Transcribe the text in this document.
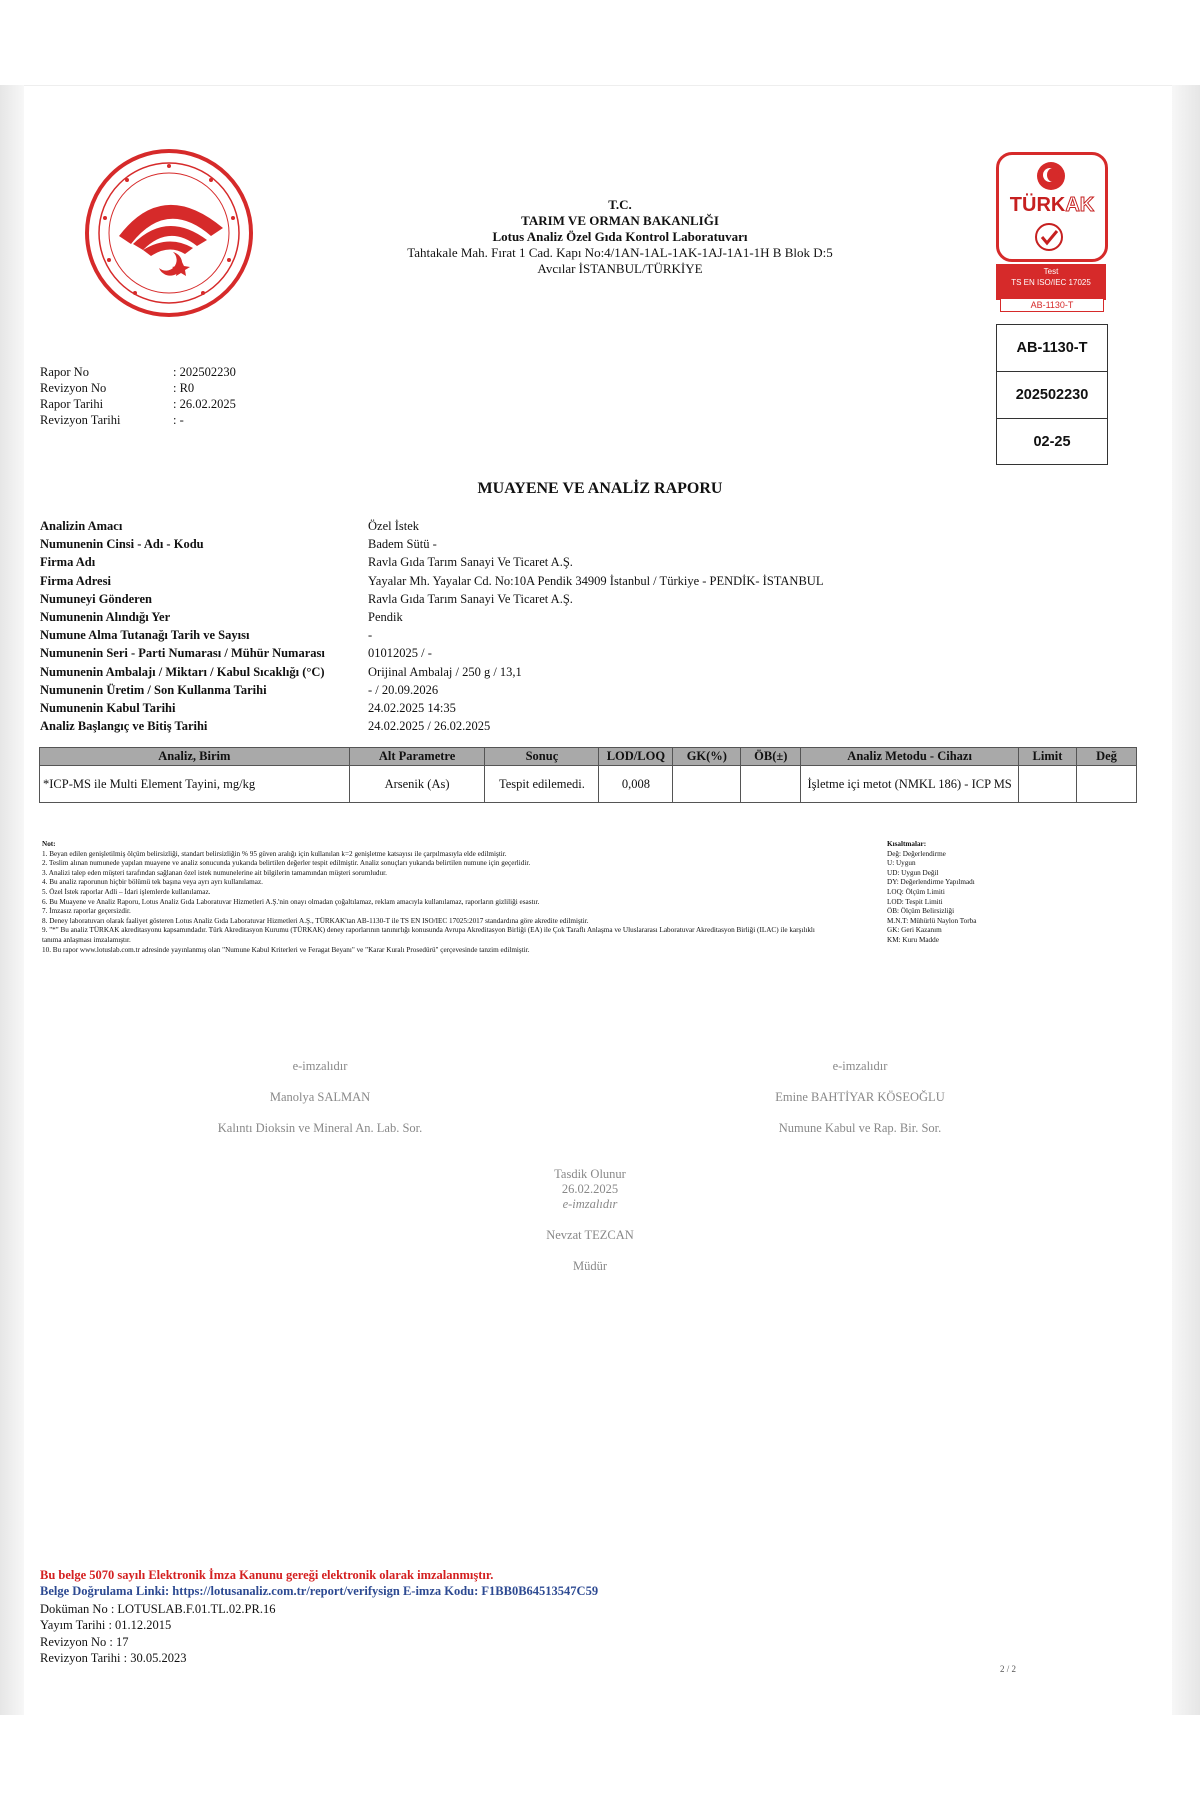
T.C.
TARIM VE ORMAN BAKANLIĞI
Lotus Analiz Özel Gıda Kontrol Laboratuvarı
Tahtakale Mah. Fırat 1 Cad. Kapı No:4/1AN-1AL-1AK-1AJ-1A1-1H B Blok D:5
Avcılar İSTANBUL/TÜRKİYE
TÜRKAK
Test
TS EN ISO/IEC 17025
AB-1130-T
AB-1130-T
202502230
02-25
Rapor No	: 202502230
Revizyon No	: R0
Rapor Tarihi	: 26.02.2025
Revizyon Tarihi	: -
MUAYENE VE ANALİZ RAPORU
Analizin Amacı	Özel İstek
Numunenin Cinsi - Adı - Kodu	Badem Sütü -
Firma Adı	Ravla Gıda Tarım Sanayi Ve Ticaret A.Ş.
Firma Adresi	Yayalar Mh. Yayalar Cd. No:10A Pendik 34909 İstanbul / Türkiye - PENDİK- İSTANBUL
Numuneyi Gönderen	Ravla Gıda Tarım Sanayi Ve Ticaret A.Ş.
Numunenin Alındığı Yer	Pendik
Numune Alma Tutanağı Tarih ve Sayısı	-
Numunenin Seri - Parti Numarası / Mühür Numarası	01012025 / -
Numunenin Ambalajı / Miktarı / Kabul Sıcaklığı (°C)	Orijinal Ambalaj / 250 g / 13,1
Numunenin Üretim / Son Kullanma Tarihi	- / 20.09.2026
Numunenin Kabul Tarihi	24.02.2025 14:35
Analiz Başlangıç ve Bitiş Tarihi	24.02.2025 / 26.02.2025
Analiz, Birim	Alt Parametre	Sonuç	LOD/LOQ	GK(%)	ÖB(±)	Analiz Metodu - Cihazı	Limit	Değ
*ICP-MS ile Multi Element Tayini, mg/kg	Arsenik (As)	Tespit edilemedi.	0,008			İşletme içi metot (NMKL 186) - ICP MS		
Not:
1. Beyan edilen genişletilmiş ölçüm belirsizliği, standart belirsizliğin % 95 güven aralığı için kullanılan k=2 genişletme katsayısı ile çarpılmasıyla elde edilmiştir.
2. Teslim alınan numunede yapılan muayene ve analiz sonucunda yukarıda belirtilen değerler tespit edilmiştir. Analiz sonuçları yukarıda belirtilen numune için geçerlidir.
3. Analizi talep eden müşteri tarafından sağlanan özel istek numunelerine ait bilgilerin tamamından müşteri sorumludur.
4. Bu analiz raporunun hiçbir bölümü tek başına veya ayrı ayrı kullanılamaz.
5. Özel İstek raporlar Adli – İdari işlemlerde kullanılamaz.
6. Bu Muayene ve Analiz Raporu, Lotus Analiz Gıda Laboratuvar Hizmetleri A.Ş.'nin onayı olmadan çoğaltılamaz, reklam amacıyla kullanılamaz, raporların gizliliği esastır.
7. İmzasız raporlar geçersizdir.
8. Deney laboratuvarı olarak faaliyet gösteren Lotus Analiz Gıda Laboratuvar Hizmetleri A.Ş., TÜRKAK'tan AB-1130-T ile TS EN ISO/IEC 17025:2017 standardına göre akredite edilmiştir.
9. "*" Bu analiz TÜRKAK akreditasyonu kapsamındadır. Türk Akreditasyon Kurumu (TÜRKAK) deney raporlarının tanınırlığı konusunda Avrupa Akreditasyon Birliği (EA) ile Çok Taraflı Anlaşma ve Uluslararası Laboratuvar Akreditasyon Birliği (ILAC) ile karşılıklı tanıma anlaşması imzalamıştır.
10. Bu rapor www.lotuslab.com.tr adresinde yayınlanmış olan "Numune Kabul Kriterleri ve Feragat Beyanı" ve "Karar Kuralı Prosedürü" çerçevesinde tanzim edilmiştir.
Kısaltmalar:
Değ: Değerlendirme
U: Uygun
UD: Uygun Değil
DY: Değerlendirme Yapılmadı
LOQ: Ölçüm Limiti
LOD: Tespit Limiti
ÖB: Ölçüm Belirsizliği
M.N.T: Mühürlü Naylon Torba
GK: Geri Kazanım
KM: Kuru Madde
e-imzalıdır
Manolya SALMAN
Kalıntı Dioksin ve Mineral An. Lab. Sor.
e-imzalıdır
Emine BAHTİYAR KÖSEOĞLU
Numune Kabul ve Rap. Bir. Sor.
Tasdik Olunur
26.02.2025
e-imzalıdır
Nevzat TEZCAN
Müdür
Bu belge 5070 sayılı Elektronik İmza Kanunu gereği elektronik olarak imzalanmıştır.
Belge Doğrulama Linki: https://lotusanaliz.com.tr/report/verifysign E-imza Kodu: F1BB0B64513547C59
Doküman No : LOTUSLAB.F.01.TL.02.PR.16
Yayım Tarihi : 01.12.2015
Revizyon No : 17
Revizyon Tarihi : 30.05.2023
2 / 2
